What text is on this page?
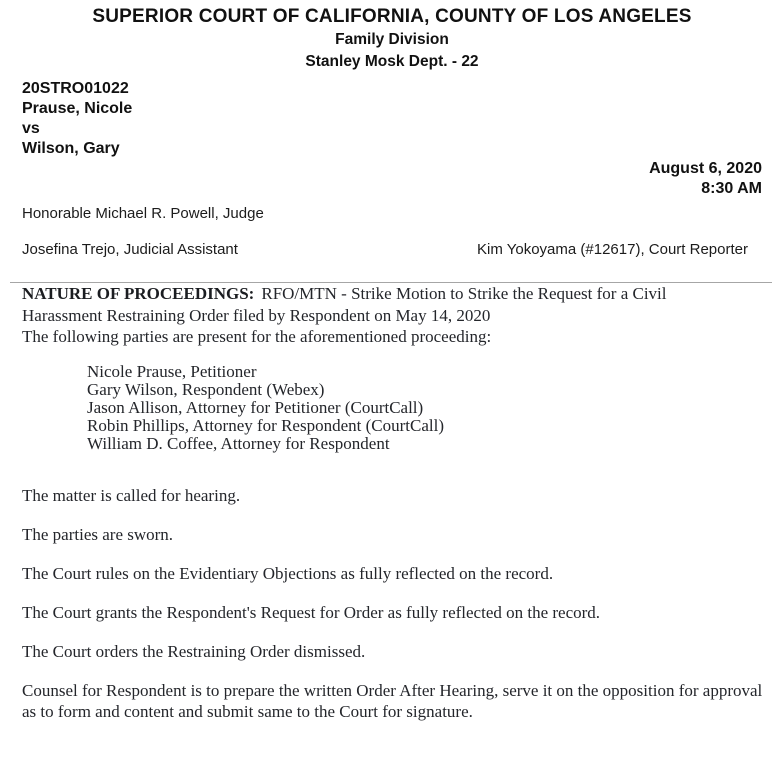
SUPERIOR COURT OF CALIFORNIA, COUNTY OF LOS ANGELES
Family Division
Stanley Mosk Dept. - 22
20STRO01022
Prause, Nicole
vs
Wilson, Gary
August 6, 2020
8:30 AM
Honorable Michael R. Powell, Judge
Josefina Trejo, Judicial Assistant	Kim Yokoyama (#12617), Court Reporter

NATURE OF PROCEEDINGS: RFO/MTN - Strike Motion to Strike the Request for a Civil Harassment Restraining Order filed by Respondent on May 14, 2020

The following parties are present for the aforementioned proceeding:

Nicole Prause, Petitioner
Gary Wilson, Respondent (Webex)
Jason Allison, Attorney for Petitioner (CourtCall)
Robin Phillips, Attorney for Respondent (CourtCall)
William D. Coffee, Attorney for Respondent

The matter is called for hearing.

The parties are sworn.

The Court rules on the Evidentiary Objections as fully reflected on the record.

The Court grants the Respondent's Request for Order as fully reflected on the record.

The Court orders the Restraining Order dismissed.

Counsel for Respondent is to prepare the written Order After Hearing, serve it on the opposition for approval as to form and content and submit same to the Court for signature.
